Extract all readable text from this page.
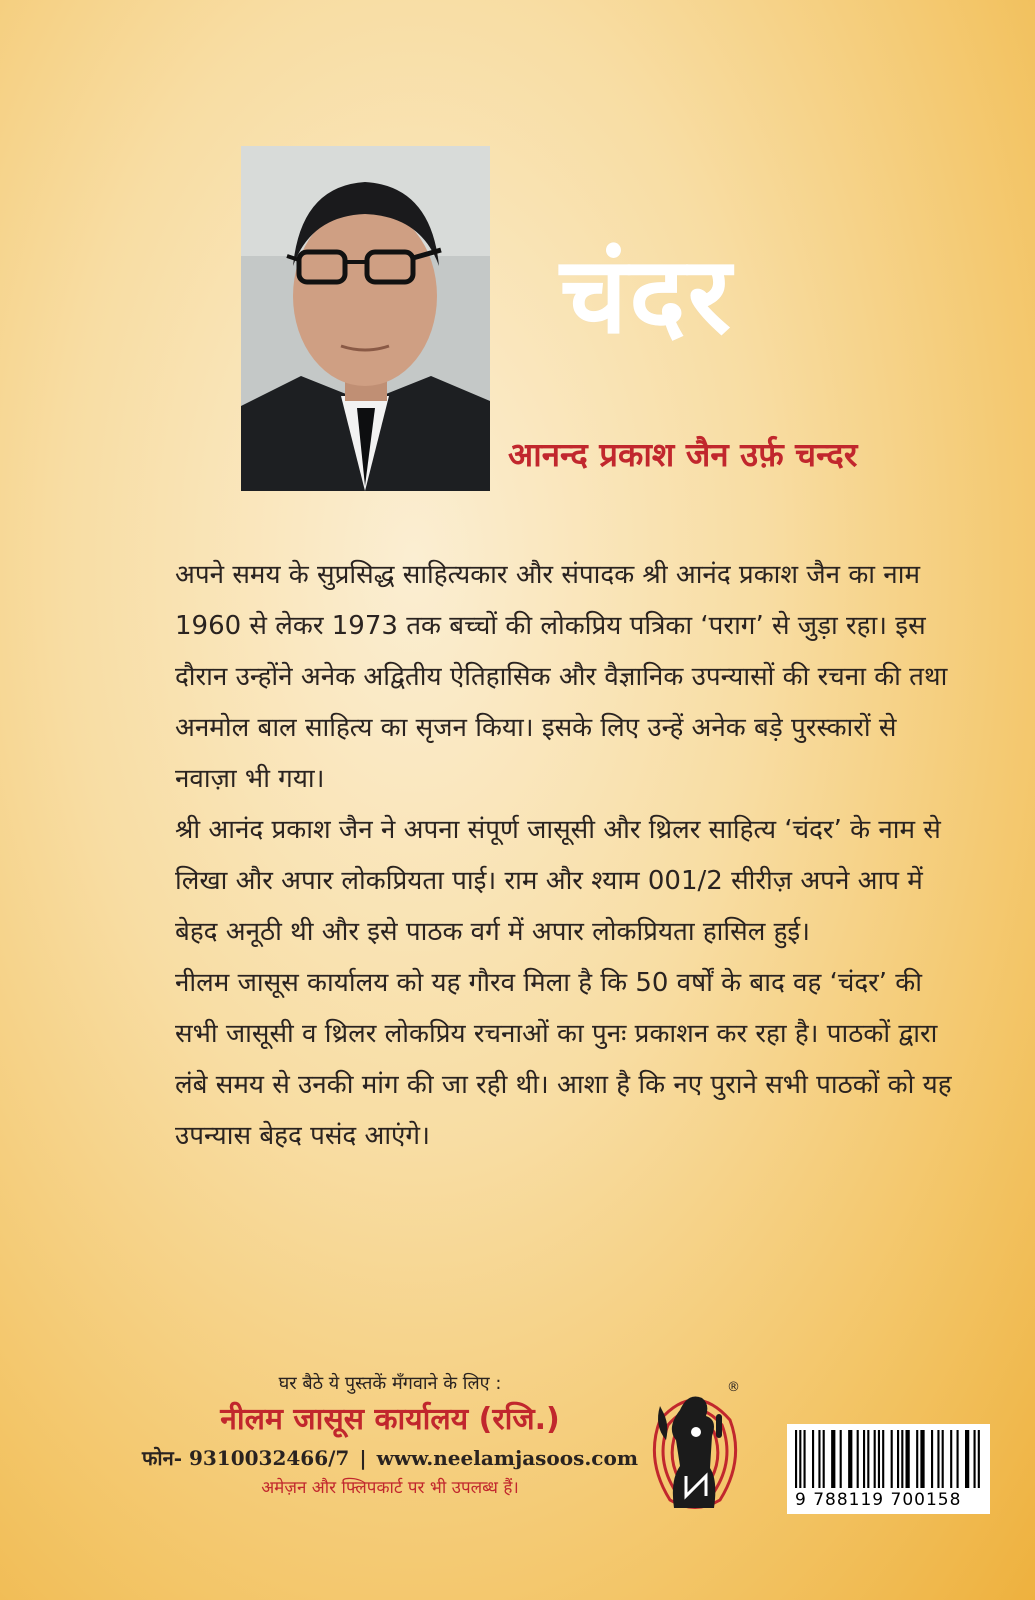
चंदर
आनन्द प्रकाश जैन उर्फ़ चन्दर

अपने समय के सुप्रसिद्ध साहित्यकार और संपादक श्री आनंद प्रकाश जैन का नाम 1960 से लेकर 1973 तक बच्चों की लोकप्रिय पत्रिका ‘पराग’ से जुड़ा रहा। इस दौरान उन्होंने अनेक अद्वितीय ऐतिहासिक और वैज्ञानिक उपन्यासों की रचना की तथा अनमोल बाल साहित्य का सृजन किया। इसके लिए उन्हें अनेक बड़े पुरस्कारों से नवाज़ा भी गया।

श्री आनंद प्रकाश जैन ने अपना संपूर्ण जासूसी और थ्रिलर साहित्य ‘चंदर’ के नाम से लिखा और अपार लोकप्रियता पाई। राम और श्याम 001/2 सीरीज़ अपने आप में बेहद अनूठी थी और इसे पाठक वर्ग में अपार लोकप्रियता हासिल हुई।

नीलम जासूस कार्यालय को यह गौरव मिला है कि 50 वर्षों के बाद वह ‘चंदर’ की सभी जासूसी व थ्रिलर लोकप्रिय रचनाओं का पुनः प्रकाशन कर रहा है। पाठकों द्वारा लंबे समय से उनकी मांग की जा रही थी। आशा है कि नए पुराने सभी पाठकों को यह उपन्यास बेहद पसंद आएंगे।

घर बैठे ये पुस्तकें मँगवाने के लिए :
नीलम जासूस कार्यालय (रजि.)
फोन- 9310032466/7 | www.neelamjasoos.com
अमेज़न और फ्लिपकार्ट पर भी उपलब्ध हैं।
®
9 788119 700158
